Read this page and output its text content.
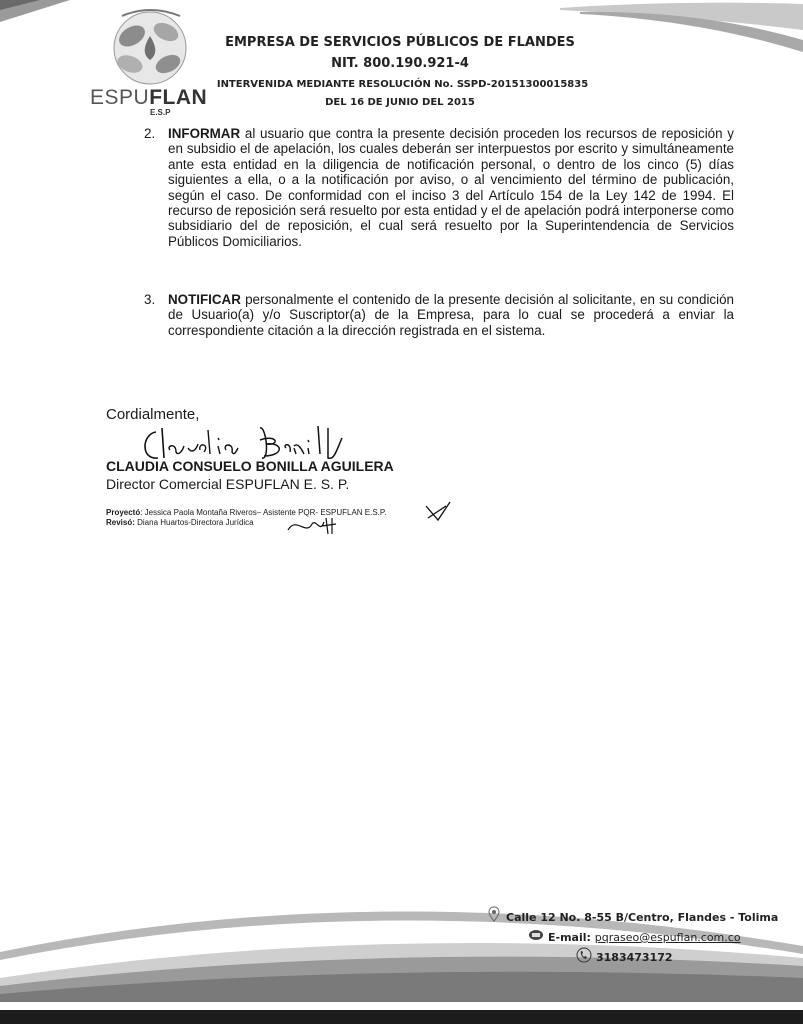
ESPUFLAN
E.S.P
EMPRESA DE SERVICIOS PÚBLICOS DE FLANDES
NIT. 800.190.921-4
INTERVENIDA MEDIANTE RESOLUCIÓN No. SSPD-20151300015835
DEL 16 DE JUNIO DEL 2015
2. INFORMAR al usuario que contra la presente decisión proceden los recursos de reposición y en subsidio el de apelación, los cuales deberán ser interpuestos por escrito y simultáneamente ante esta entidad en la diligencia de notificación personal, o dentro de los cinco (5) días siguientes a ella, o a la notificación por aviso, o al vencimiento del término de publicación, según el caso. De conformidad con el inciso 3 del Artículo 154 de la Ley 142 de 1994. El recurso de reposición será resuelto por esta entidad y el de apelación podrá interponerse como subsidiario del de reposición, el cual será resuelto por la Superintendencia de Servicios Públicos Domiciliarios.

3. NOTIFICAR personalmente el contenido de la presente decisión al solicitante, en su condición de Usuario(a) y/o Suscriptor(a) de la Empresa, para lo cual se procederá a enviar la correspondiente citación a la dirección registrada en el sistema.

Cordialmente,
CLAUDIA CONSUELO BONILLA AGUILERA
Director Comercial ESPUFLAN E. S. P.
Proyectó: Jessica Paola Montaña Riveros– Asistente PQR- ESPUFLAN E.S.P.
Revisó: Diana Huartos-Directora Jurídica
Calle 12 No. 8-55 B/Centro, Flandes - Tolima
E-mail: pqraseo@espuflan.com.co
3183473172
